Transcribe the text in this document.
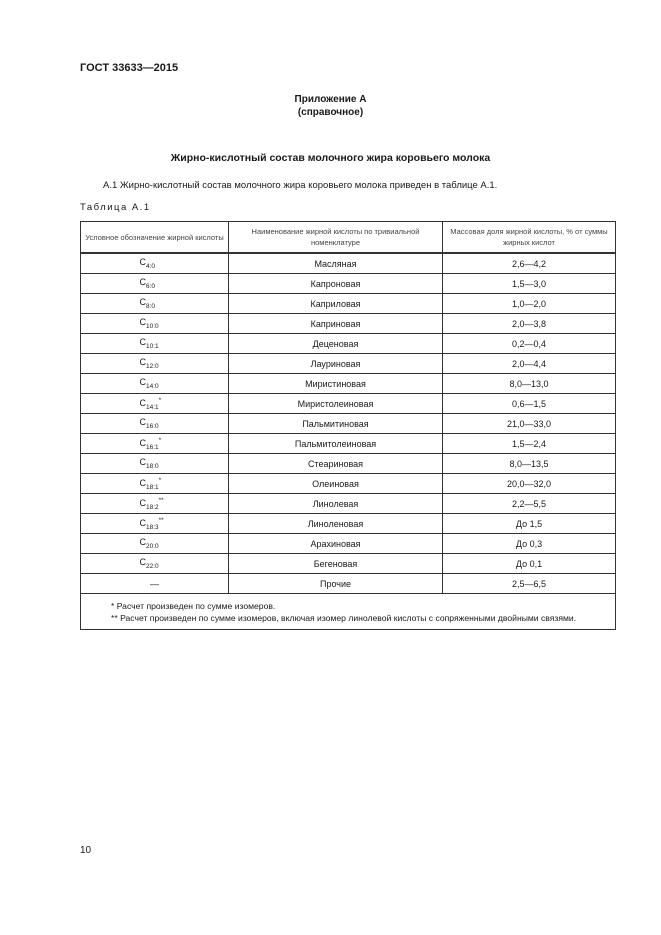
ГОСТ 33633—2015
Приложение А
(справочное)
Жирно-кислотный состав молочного жира коровьего молока
А.1 Жирно-кислотный состав молочного жира коровьего молока приведен в таблице А.1.
Таблица А.1
Условное обозначение жирной кислоты	Наименование жирной кислоты по тривиальной номенклатуре	Массовая доля жирной кислоты, % от суммы жирных кислот
$C_{4:0}$	Масляная	2,6—4,2
$C_{6:0}$	Капроновая	1,5—3,0
$C_{8:0}$	Каприловая	1,0—2,0
$C_{10:0}$	Каприновая	2,0—3,8
$C_{10:1}$	Деценовая	0,2—0,4
$C_{12:0}$	Лауриновая	2,0—4,4
$C_{14:0}$	Миристиновая	8,0—13,0
$C_{14:1}^*$	Миристолеиновая	0,6—1,5
$C_{16:0}$	Пальмитиновая	21,0—33,0
$C_{16:1}^*$	Пальмитолеиновая	1,5—2,4
$C_{18:0}$	Стеариновая	8,0—13,5
$C_{18:1}^*$	Олеиновая	20,0—32,0
$C_{18:2}^{**}$	Линолевая	2,2—5,5
$C_{18:3}^{**}$	Линоленовая	До 1,5
$C_{20:0}$	Арахиновая	До 0,3
$C_{22:0}$	Бегеновая	До 0,1
—	Прочие	2,5—6,5

* Расчет произведен по сумме изомеров.
** Расчет произведен по сумме изомеров, включая изомер линолевой кислоты с сопряженными двойными связями.		
10
